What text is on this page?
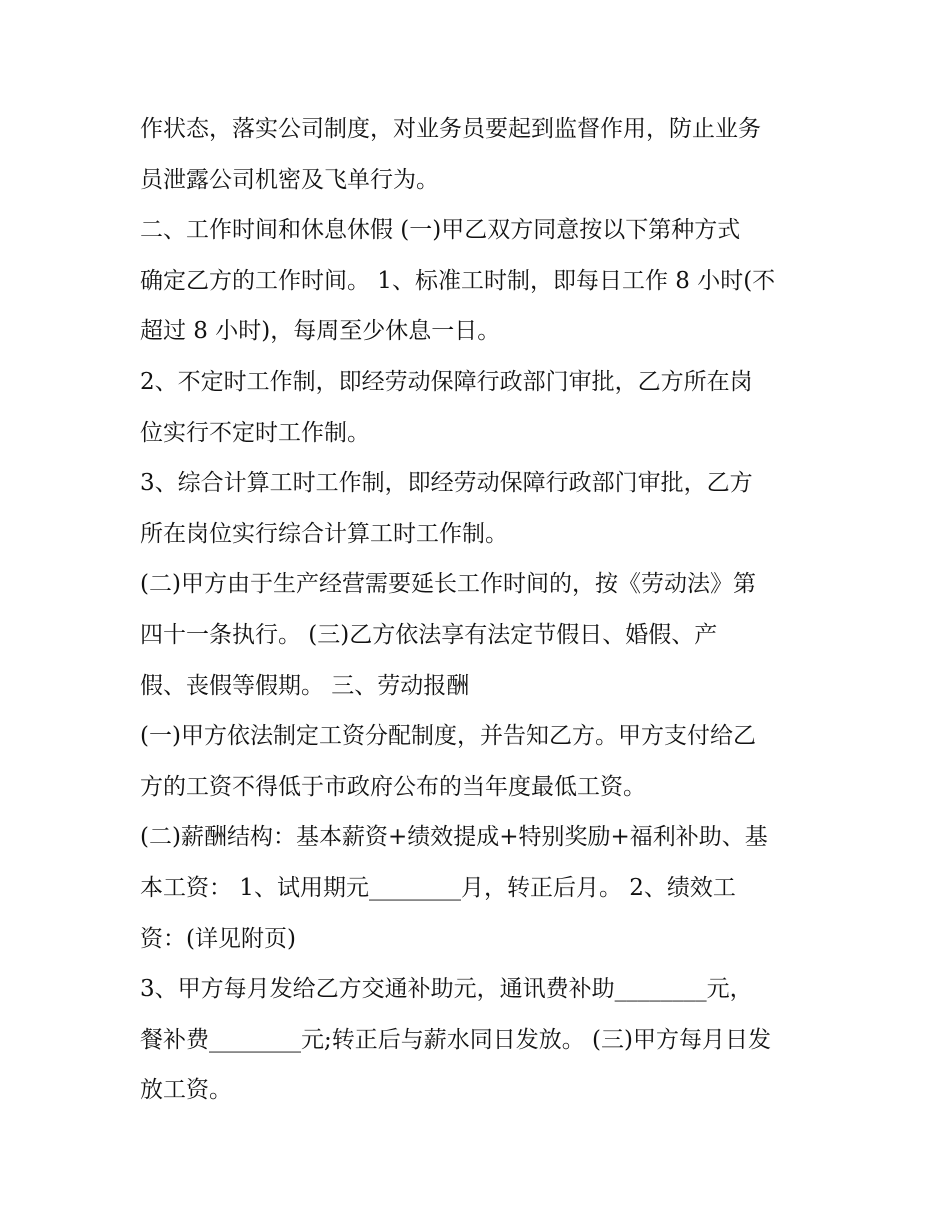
作状态，落实公司制度，对业务员要起到监督作用，防止业务
员泄露公司机密及飞单行为。
二、工作时间和休息休假 (一)甲乙双方同意按以下第种方式
确定乙方的工作时间。 1、标准工时制，即每日工作 8 小时(不
超过 8 小时)，每周至少休息一日。
2、不定时工作制，即经劳动保障行政部门审批，乙方所在岗
位实行不定时工作制。
3、综合计算工时工作制，即经劳动保障行政部门审批，乙方
所在岗位实行综合计算工时工作制。
(二)甲方由于生产经营需要延长工作时间的，按《劳动法》第
四十一条执行。 (三)乙方依法享有法定节假日、婚假、产
假、丧假等假期。 三、劳动报酬
(一)甲方依法制定工资分配制度，并告知乙方。甲方支付给乙
方的工资不得低于市政府公布的当年度最低工资。
(二)薪酬结构：基本薪资+绩效提成+特别奖励+福利补助、基
本工资： 1、试用期元________月，转正后月。 2、绩效工
资：(详见附页)
3、甲方每月发给乙方交通补助元，通讯费补助________元，
餐补费________元;转正后与薪水同日发放。 (三)甲方每月日发
放工资。
